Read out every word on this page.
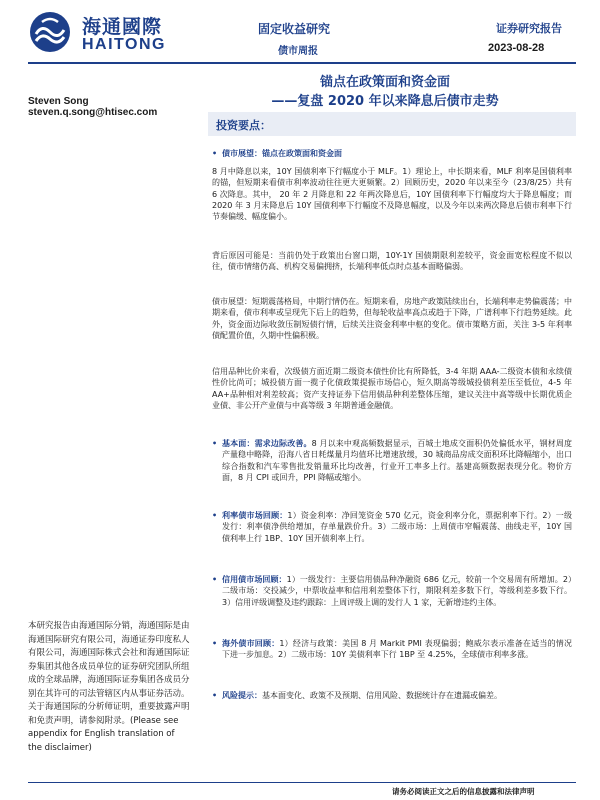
海通國際
HAITONG
固定收益研究
债市周报
证券研究报告
2023-08-28
锚点在政策面和资金面
——复盘 2020 年以来降息后债市走势
Steven Song
steven.q.song@htisec.com
投资要点：
• 债市展望：锚点在政策面和资金面
8 月中降息以来，10Y 国债利率下行幅度小于 MLF。1）理论上，中长期来看，MLF 利率是国债利率的锚，但短期来看债市利率波动往往更大更频繁。2）回顾历史，2020 年以来至今（23/8/25）共有 6 次降息。其中， 20 年 2 月降息和 22 年两次降息后，10Y 国债利率下行幅度均大于降息幅度；而 2020 年 3 月末降息后 10Y 国债利率下行幅度不及降息幅度，以及今年以来两次降息后债市利率下行节奏偏缓、幅度偏小。
背后原因可能是：当前仍处于政策出台窗口期，10Y-1Y 国债期限利差较平，资金面宽松程度不似以往，债市情绪仍高、机构交易偏拥挤，长端利率低点时点基本面略偏弱。
债市展望：短期震荡格局，中期行情仍在。短期来看，房地产政策陆续出台，长端利率走势偏震荡；中期来看，债市利率或呈现先下后上的趋势，但每轮收益率高点或趋于下降，广谱利率下行趋势延续。此外，资金面边际收敛压制短债行情，后续关注资金利率中枢的变化。债市策略方面，关注 3-5 年利率债配置价值，久期中性偏积极。
信用品种比价来看，次级债方面近期二级资本债性价比有所降低，3-4 年期 AAA-二级资本债和永续债性价比尚可；城投债方面一揽子化债政策提振市场信心，短久期高等级城投债利差压至低位，4-5 年 AA+品种相对利差较高；资产支持证券下信用债品种利差整体压缩，建议关注中高等级中长期优质企业债、非公开产业债与中高等级 3 年期普通金融债。
• 基本面：需求边际改善。8 月以来中观高频数据显示，百城土地成交面积仍处偏低水平，钢材周度产量稳中略降，沿海八省日耗煤量月均值环比增速放缓，30 城商品房成交面积环比降幅缩小，出口综合指数和汽车零售批发销量环比均改善，行业开工率多上行。基建高频数据表现分化。物价方面，8 月 CPI 或回升，PPI 降幅或缩小。
• 利率债市场回顾：1）资金利率：净回笼资金 570 亿元，资金利率分化，票据利率下行。2）一级发行：利率债净供给增加，存单量跌价升。3）二级市场：上周债市窄幅震荡、曲线走平，10Y 国债利率上行 1BP、10Y 国开债利率上行。
• 信用债市场回顾：1）一级发行：主要信用债品种净融资 686 亿元，较前一个交易周有所增加。2）二级市场：交投减少，中票收益率和信用利差整体下行，期限利差多数下行，等级利差多数下行。3）信用评级调整及违约跟踪：上周评级上调的发行人 1 家，无新增违约主体。
• 海外债市回顾：1）经济与政策：美国 8 月 Markit PMI 表现偏弱；鲍威尔表示准备在适当的情况下进一步加息。2）二级市场：10Y 美债利率下行 1BP 至 4.25%，全球债市利率多涨。
• 风险提示：基本面变化、政策不及预期、信用风险、数据统计存在遗漏或偏差。
本研究报告由海通国际分销，海通国际是由海通国际研究有限公司，海通证券印度私人有限公司，海通国际株式会社和海通国际证券集团其他各成员单位的证券研究团队所组成的全球品牌，海通国际证券集团各成员分别在其许可的司法管辖区内从事证券活动。关于海通国际的分析师证明，重要披露声明和免责声明，请参阅附录。(Please see appendix for English translation of the disclaimer)
请务必阅读正文之后的信息披露和法律声明
